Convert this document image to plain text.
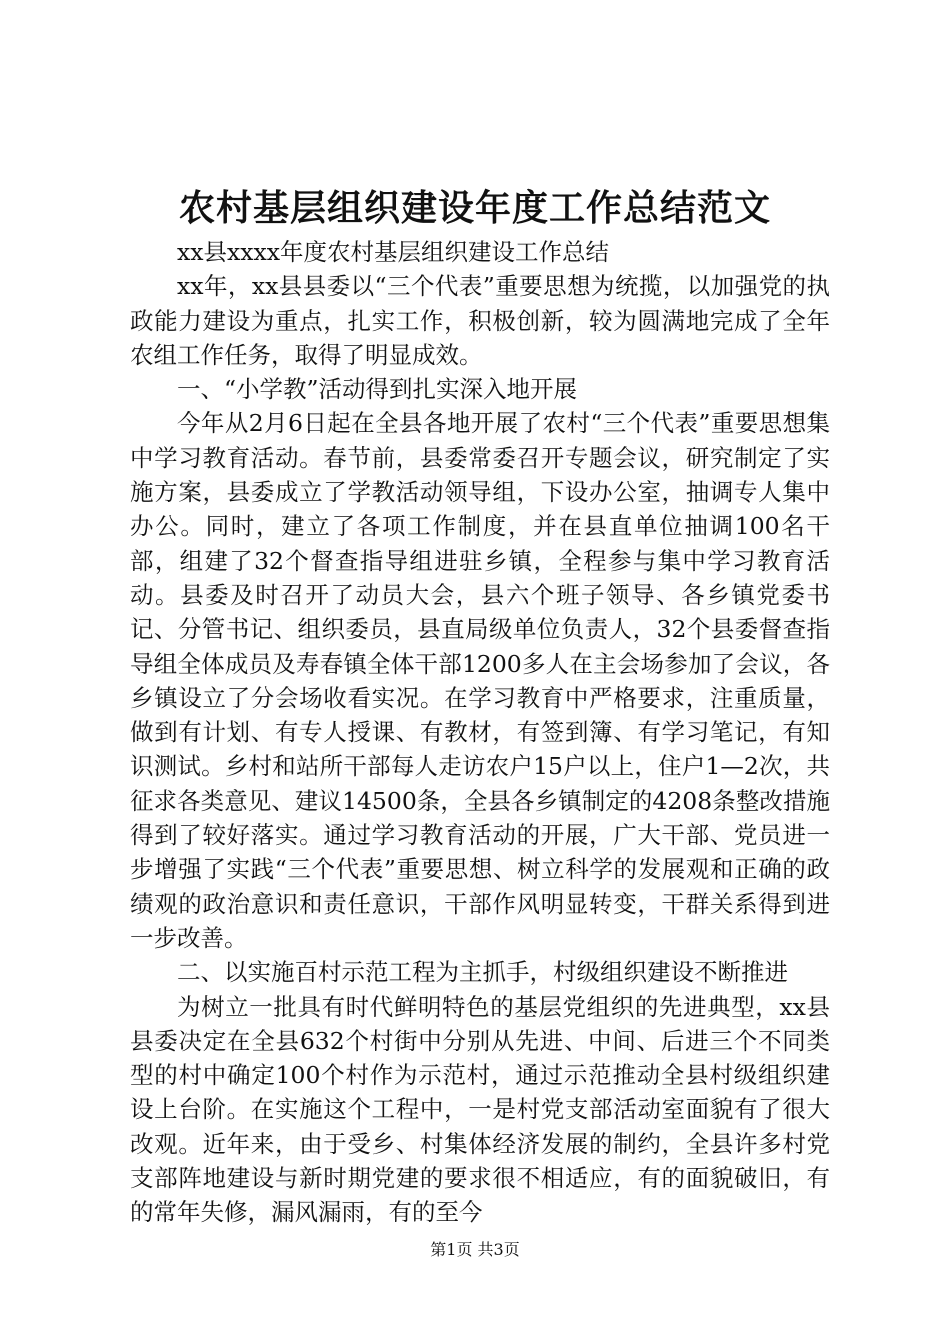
农村基层组织建设年度工作总结范文

xx县xxxx年度农村基层组织建设工作总结

xx年，xx县县委以“三个代表”重要思想为统揽，以加强党的执政能力建设为重点，扎实工作，积极创新，较为圆满地完成了全年农组工作任务，取得了明显成效。

一、“小学教”活动得到扎实深入地开展

今年从2月6日起在全县各地开展了农村“三个代表”重要思想集中学习教育活动。春节前，县委常委召开专题会议，研究制定了实施方案，县委成立了学教活动领导组，下设办公室，抽调专人集中办公。同时，建立了各项工作制度，并在县直单位抽调100名干部，组建了32个督查指导组进驻乡镇，全程参与集中学习教育活动。县委及时召开了动员大会，县六个班子领导、各乡镇党委书记、分管书记、组织委员，县直局级单位负责人，32个县委督查指导组全体成员及寿春镇全体干部1200多人在主会场参加了会议，各乡镇设立了分会场收看实况。在学习教育中严格要求，注重质量，做到有计划、有专人授课、有教材，有签到簿、有学习笔记，有知识测试。乡村和站所干部每人走访农户15户以上，住户1—2次，共征求各类意见、建议14500条，全县各乡镇制定的4208条整改措施得到了较好落实。通过学习教育活动的开展，广大干部、党员进一步增强了实践“三个代表”重要思想、树立科学的发展观和正确的政绩观的政治意识和责任意识，干部作风明显转变，干群关系得到进一步改善。

二、以实施百村示范工程为主抓手，村级组织建设不断推进

为树立一批具有时代鲜明特色的基层党组织的先进典型，xx县县委决定在全县632个村街中分别从先进、中间、后进三个不同类型的村中确定100个村作为示范村，通过示范推动全县村级组织建设上台阶。在实施这个工程中，一是村党支部活动室面貌有了很大改观。近年来，由于受乡、村集体经济发展的制约，全县许多村党支部阵地建设与新时期党建的要求很不相适应，有的面貌破旧，有的常年失修，漏风漏雨，有的至今

第1页 共3页
